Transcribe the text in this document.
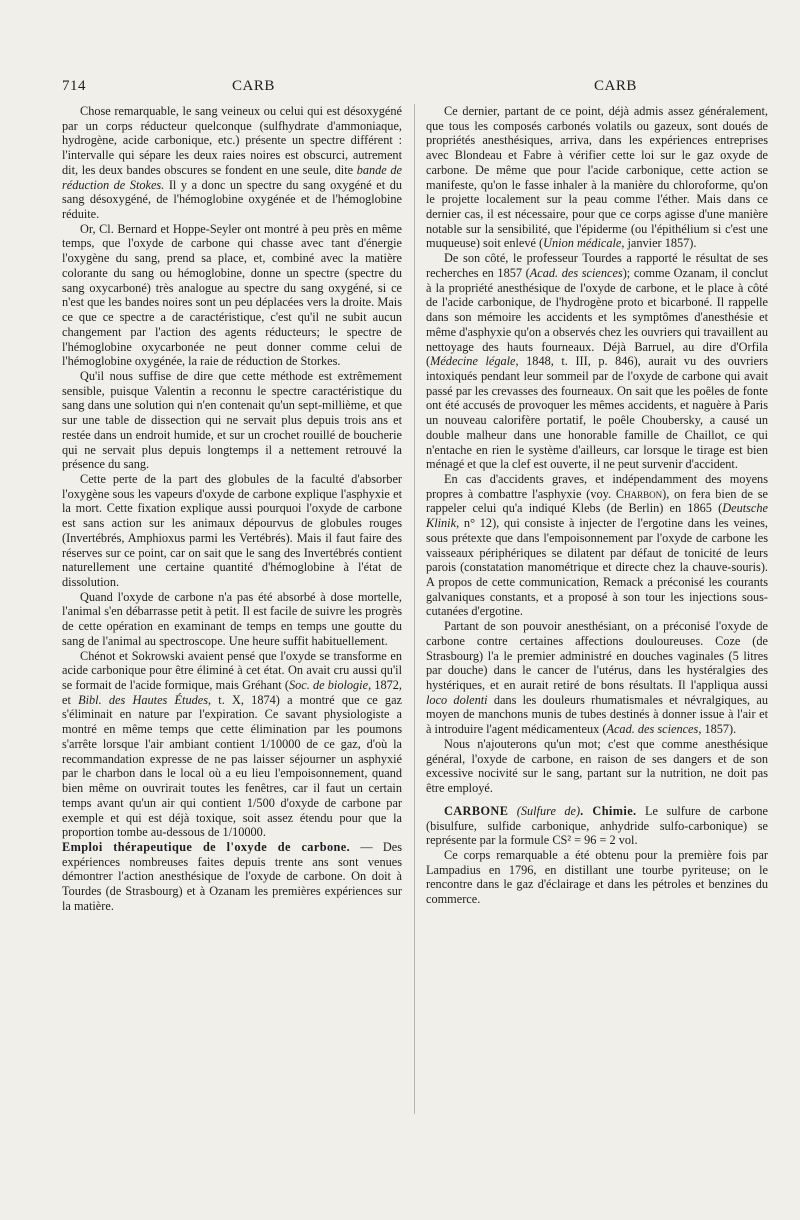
714	CARB	CARB

Chose remarquable, le sang veineux ou celui qui est désoxygéné par un corps réducteur quelconque (sulfhydrate d'ammoniaque, hydrogène, acide carbonique, etc.) présente un spectre différent : l'intervalle qui sépare les deux raies noires est obscurci, autrement dit, les deux bandes obscures se fondent en une seule, dite bande de réduction de Stokes. Il y a donc un spectre du sang oxygéné et du sang désoxygéné, de l'hémoglobine oxygénée et de l'hémoglobine réduite.

Or, Cl. Bernard et Hoppe-Seyler ont montré à peu près en même temps, que l'oxyde de carbone qui chasse avec tant d'énergie l'oxygène du sang, prend sa place, et, combiné avec la matière colorante du sang ou hémoglobine, donne un spectre (spectre du sang oxycarboné) très analogue au spectre du sang oxygéné, si ce n'est que les bandes noires sont un peu déplacées vers la droite. Mais ce que ce spectre a de caractéristique, c'est qu'il ne subit aucun changement par l'action des agents réducteurs; le spectre de l'hémoglobine oxycarbonée ne peut donner comme celui de l'hémoglobine oxygénée, la raie de réduction de Storkes.

Qu'il nous suffise de dire que cette méthode est extrêmement sensible, puisque Valentin a reconnu le spectre caractéristique du sang dans une solution qui n'en contenait qu'un sept-millième, et que sur une table de dissection qui ne servait plus depuis trois ans et restée dans un endroit humide, et sur un crochet rouillé de boucherie qui ne servait plus depuis longtemps il a nettement retrouvé la présence du sang.

Cette perte de la part des globules de la faculté d'absorber l'oxygène sous les vapeurs d'oxyde de carbone explique l'asphyxie et la mort. Cette fixation explique aussi pourquoi l'oxyde de carbone est sans action sur les animaux dépourvus de globules rouges (Invertébrés, Amphioxus parmi les Vertébrés). Mais il faut faire des réserves sur ce point, car on sait que le sang des Invertébrés contient naturellement une certaine quantité d'hémoglobine à l'état de dissolution.

Quand l'oxyde de carbone n'a pas été absorbé à dose mortelle, l'animal s'en débarrasse petit à petit. Il est facile de suivre les progrès de cette opération en examinant de temps en temps une goutte du sang de l'animal au spectroscope. Une heure suffit habituellement.

Chénot et Sokrowski avaient pensé que l'oxyde se transforme en acide carbonique pour être éliminé à cet état. On avait cru aussi qu'il se formait de l'acide formique, mais Gréhant (Soc. de biologie, 1872, et Bibl. des Hautes Études, t. X, 1874) a montré que ce gaz s'éliminait en nature par l'expiration. Ce savant physiologiste a montré en même temps que cette élimination par les poumons s'arrête lorsque l'air ambiant contient 1/10000 de ce gaz, d'où la recommandation expresse de ne pas laisser séjourner un asphyxié par le charbon dans le local où a eu lieu l'empoisonnement, quand bien même on ouvrirait toutes les fenêtres, car il faut un certain temps avant qu'un air qui contient 1/500 d'oxyde de carbone par exemple et qui est déjà toxique, soit assez étendu pour que la proportion tombe au-dessous de 1/10000.

Emploi thérapeutique de l'oxyde de carbone. — Des expériences nombreuses faites depuis trente ans sont venues démontrer l'action anesthésique de l'oxyde de carbone. On doit à Tourdes (de Strasbourg) et à Ozanam les premières expériences sur la matière.

Ce dernier, partant de ce point, déjà admis assez généralement, que tous les composés carbonés volatils ou gazeux, sont doués de propriétés anesthésiques, arriva, dans les expériences entreprises avec Blondeau et Fabre à vérifier cette loi sur le gaz oxyde de carbone. De même que pour l'acide carbonique, cette action se manifeste, qu'on le fasse inhaler à la manière du chloroforme, qu'on le projette localement sur la peau comme l'éther. Mais dans ce dernier cas, il est nécessaire, pour que ce corps agisse d'une manière notable sur la sensibilité, que l'épiderme (ou l'épithélium si c'est une muqueuse) soit enlevé (Union médicale, janvier 1857).

De son côté, le professeur Tourdes a rapporté le résultat de ses recherches en 1857 (Acad. des sciences); comme Ozanam, il conclut à la propriété anesthésique de l'oxyde de carbone, et le place à côté de l'acide carbonique, de l'hydrogène proto et bicarboné. Il rappelle dans son mémoire les accidents et les symptômes d'anesthésie et même d'asphyxie qu'on a observés chez les ouvriers qui travaillent au nettoyage des hauts fourneaux. Déjà Barruel, au dire d'Orfila (Médecine légale, 1848, t. III, p. 846), aurait vu des ouvriers intoxiqués pendant leur sommeil par de l'oxyde de carbone qui avait passé par les crevasses des fourneaux. On sait que les poêles de fonte ont été accusés de provoquer les mêmes accidents, et naguère à Paris un nouveau calorifère portatif, le poêle Choubersky, a causé un double malheur dans une honorable famille de Chaillot, ce qui n'entache en rien le système d'ailleurs, car lorsque le tirage est bien ménagé et que la clef est ouverte, il ne peut survenir d'accident.

En cas d'accidents graves, et indépendamment des moyens propres à combattre l'asphyxie (voy. Charbon), on fera bien de se rappeler celui qu'a indiqué Klebs (de Berlin) en 1865 (Deutsche Klinik, n° 12), qui consiste à injecter de l'ergotine dans les veines, sous prétexte que dans l'empoisonnement par l'oxyde de carbone les vaisseaux périphériques se dilatent par défaut de tonicité de leurs parois (constatation manométrique et directe chez la chauve-souris). A propos de cette communication, Remack a préconisé les courants galvaniques constants, et a proposé à son tour les injections sous-cutanées d'ergotine.

Partant de son pouvoir anesthésiant, on a préconisé l'oxyde de carbone contre certaines affections douloureuses. Coze (de Strasbourg) l'a le premier administré en douches vaginales (5 litres par douche) dans le cancer de l'utérus, dans les hystéralgies des hystériques, et en aurait retiré de bons résultats. Il l'appliqua aussi loco dolenti dans les douleurs rhumatismales et névralgiques, au moyen de manchons munis de tubes destinés à donner issue à l'air et à introduire l'agent médicamenteux (Acad. des sciences, 1857).

Nous n'ajouterons qu'un mot; c'est que comme anesthésique général, l'oxyde de carbone, en raison de ses dangers et de son excessive nocivité sur le sang, partant sur la nutrition, ne doit pas être employé.

CARBONE (Sulfure de). Chimie. Le sulfure de carbone (bisulfure, sulfide carbonique, anhydride sulfo-carbonique) se représente par la formule CS² = 96 = 2 vol.

Ce corps remarquable a été obtenu pour la première fois par Lampadius en 1796, en distillant une tourbe pyriteuse; on le rencontre dans le gaz d'éclairage et dans les pétroles et benzines du commerce.
